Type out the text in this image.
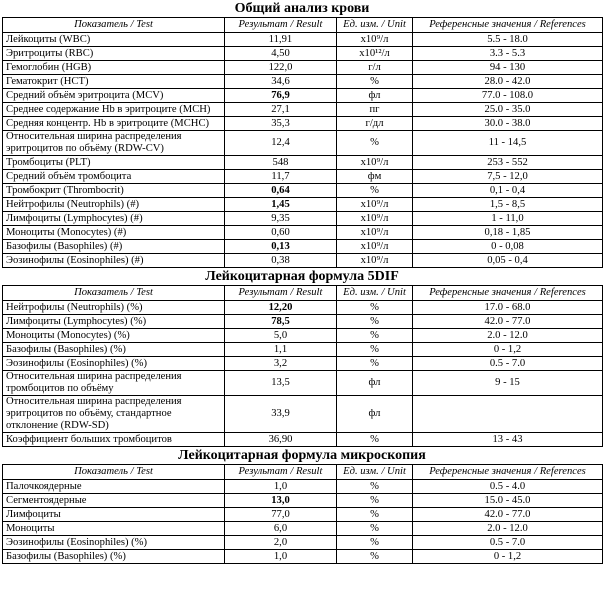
Общий анализ крови
Показатель / Test	Результат / Result	Ед. изм. / Unit	Референсные значения / References
Лейкоциты (WBC)	11,91	x10⁹/л	5.5 - 18.0
Эритроциты (RBC)	4,50	x10¹²/л	3.3 - 5.3
Гемоглобин (HGB)	122,0	г/л	94 - 130
Гематокрит (HCT)	34,6	%	28.0 - 42.0
Средний объём эритроцита (MCV)	76,9	фл	77.0 - 108.0
Среднее содержание Hb в эритроците (MCH)	27,1	пг	25.0 - 35.0
Средняя концентр. Hb в эритроците (MCHC)	35,3	г/дл	30.0 - 38.0
Относительная ширина распределения эритроцитов по объёму (RDW-CV)	12,4	%	11 - 14,5
Тромбоциты (PLT)	548	x10⁹/л	253 - 552
Средний объём тромбоцита	11,7	фм	7,5 - 12,0
Тромбокрит (Thrombocrit)	0,64	%	0,1 - 0,4
Нейтрофилы (Neutrophils) (#)	1,45	x10⁹/л	1,5 - 8,5
Лимфоциты (Lymphocytes) (#)	9,35	x10⁹/л	1 - 11,0
Моноциты (Monocytes) (#)	0,60	x10⁹/л	0,18 - 1,85
Базофилы (Basophiles) (#)	0,13	x10⁹/л	0 - 0,08
Эозинофилы (Eosinophiles) (#)	0,38	x10⁹/л	0,05 - 0,4
Лейкоцитарная формула 5DIF
Показатель / Test	Результат / Result	Ед. изм. / Unit	Референсные значения / References
Нейтрофилы (Neutrophils) (%)	12,20	%	17.0 - 68.0
Лимфоциты (Lymphocytes) (%)	78,5	%	42.0 - 77.0
Моноциты (Monocytes) (%)	5,0	%	2.0 - 12.0
Базофилы (Basophiles) (%)	1,1	%	0 - 1,2
Эозинофилы (Eosinophiles) (%)	3,2	%	0.5 - 7.0
Относительная ширина распределения тромбоцитов по объёму	13,5	фл	9 - 15
Относительная ширина распределения эритроцитов по объёму, стандартное отклонение (RDW-SD)	33,9	фл	
Коэффициент больших тромбоцитов	36,90	%	13 - 43
Лейкоцитарная формула микроскопия
Показатель / Test	Результат / Result	Ед. изм. / Unit	Референсные значения / References
Палочкоядерные	1,0	%	0.5 - 4.0
Сегментоядерные	13,0	%	15.0 - 45.0
Лимфоциты	77,0	%	42.0 - 77.0
Моноциты	6,0	%	2.0 - 12.0
Эозинофилы (Eosinophiles) (%)	2,0	%	0.5 - 7.0
Базофилы (Basophiles) (%)	1,0	%	0 - 1,2
